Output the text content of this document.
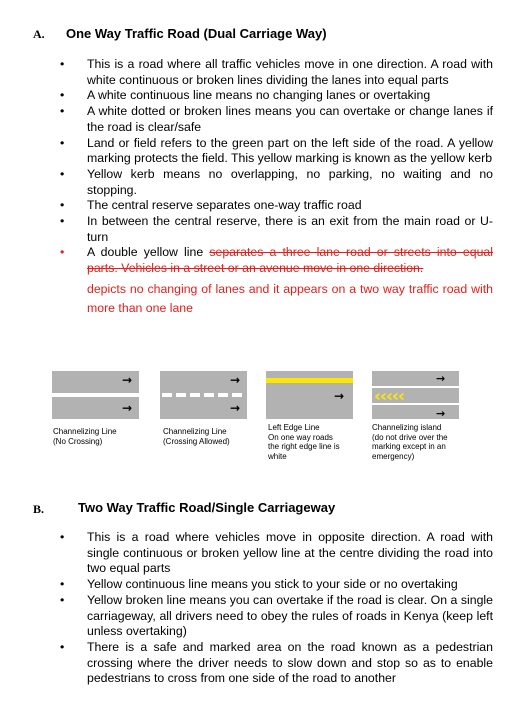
A. One Way Traffic Road (Dual Carriage Way)
• This is a road where all traffic vehicles move in one direction. A road with white continuous or broken lines dividing the lanes into equal parts
• A white continuous line means no changing lanes or overtaking
• A white dotted or broken lines means you can overtake or change lanes if the road is clear/safe
• Land or field refers to the green part on the left side of the road. A yellow marking protects the field. This yellow marking is known as the yellow kerb
• Yellow kerb means no overlapping, no parking, no waiting and no stopping.
• The central reserve separates one-way traffic road
• In between the central reserve, there is an exit from the main road or U-turn
• A double yellow line separates a three lane road or streets into equal parts. Vehicles in a street or an avenue move in one direction.
depicts no changing of lanes and it appears on a two way traffic road with more than one lane
→
→
Channelizing Line
(No Crossing)
→
→
Channelizing Line
(Crossing Allowed)
→
Left Edge Line
On one way roads
the right edge line is
white
‹‹‹‹‹
→
→
Channelizing island
(do not drive over the
marking except in an
emergency)
B.	Two Way Traffic Road/Single Carriageway
• This is a road where vehicles move in opposite direction. A road with single continuous or broken yellow line at the centre dividing the road into two equal parts
• Yellow continuous line means you stick to your side or no overtaking
• Yellow broken line means you can overtake if the road is clear. On a single carriageway, all drivers need to obey the rules of roads in Kenya (keep left unless overtaking)
• There is a safe and marked area on the road known as a pedestrian crossing where the driver needs to slow down and stop so as to enable pedestrians to cross from one side of the road to another
